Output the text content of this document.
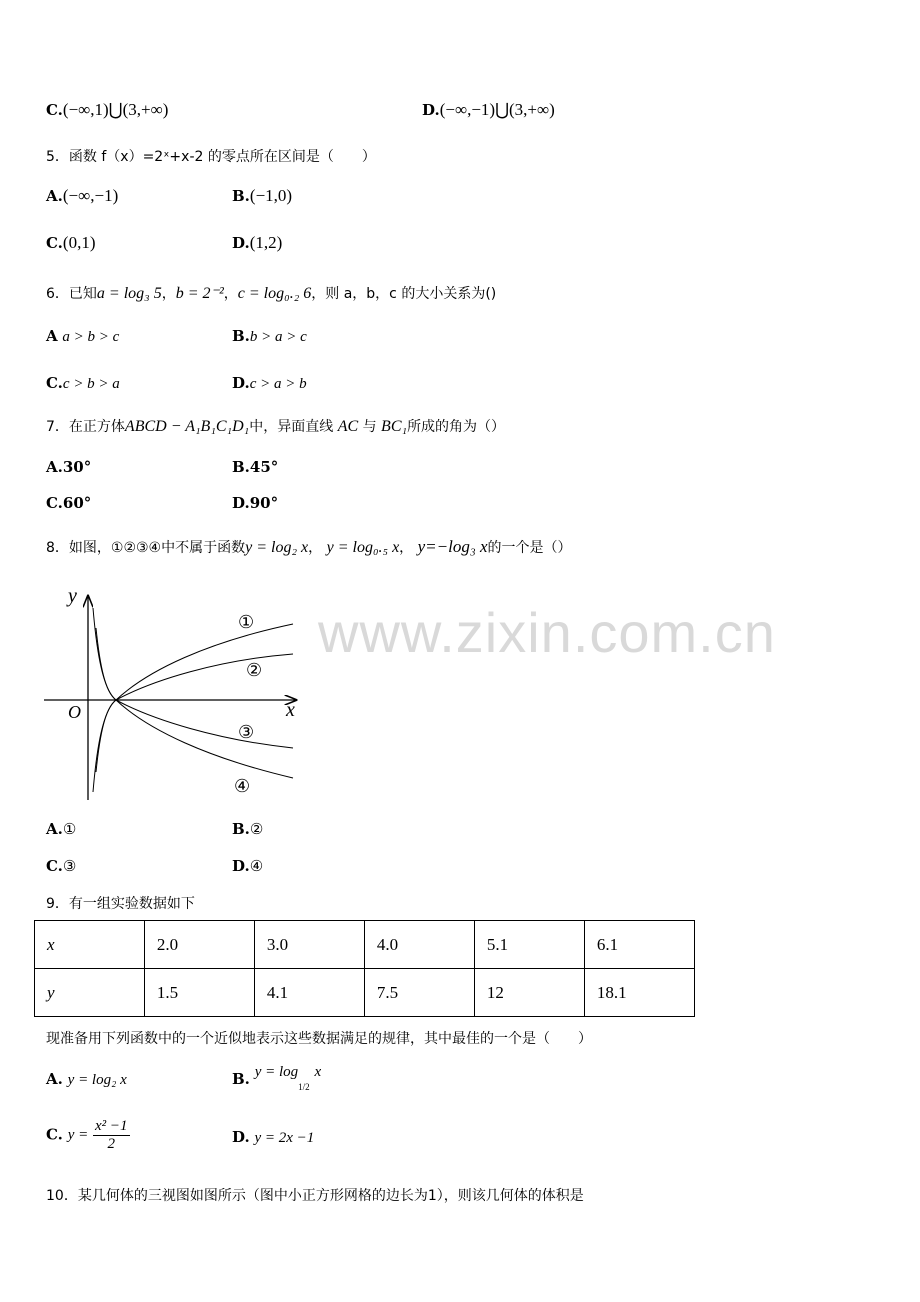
www.zixin.com.cn
C.(−∞,1)⋃(3,+∞)	D.(−∞,−1)⋃(3,+∞)
5．函数 f（x）=2ˣ+x-2 的零点所在区间是（　　）
A.(−∞,−1)	B.(−1,0)
C.(0,1)	D.(1,2)
6．已知a = log₃ 5，b = 2⁻²，c = log₀.₂ 6，则 a，b，c 的大小关系为()
A a > b > c	B.b > a > c
C.c > b > a	D.c > a > b
7．在正方体ABCD − A₁B₁C₁D₁中，异面直线 AC 与 BC₁所成的角为（）
A.30°	B.45°
C.60°	D.90°
8．如图，①②③④中不属于函数y = log₂ x， y = log₀.₅ x， y=−log₃ x的一个是（）
y
x
O
①
②
③
④
A.①	B.②
C.③	D.④
9．有一组实验数据如下
x	2.0	3.0	4.0	5.1	6.1
y	1.5	4.1	7.5	12	18.1
现准备用下列函数中的一个近似地表示这些数据满足的规律，其中最佳的一个是（　　）
A. y = log₂ x	B. y = log1/2 x
C. $y = \frac{\text{x² −1}}{2}$	D. y = 2x −1
10．某几何体的三视图如图所示（图中小正方形网格的边长为1），则该几何体的体积是
